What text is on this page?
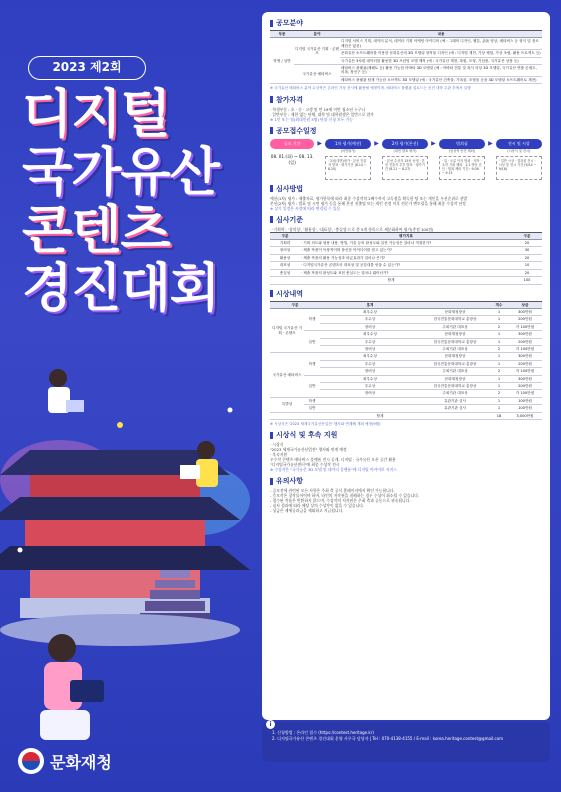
2023 제2회
디지털
국가유산
콘텐츠
경진대회
문화재청
공모분야
부문	분야	내용
학생 / 일반	디지털 국가유산 기획 · 콘텐츠	디지털 서비스 기획, 데이터 분석, 데이터 기획 아케팅 아이디어 (예 : 그래픽 디자인, 웹툰, 숏폼 영상, 메타버스 등 형식 및 장르 제한은 없음)
		문화유산 소프트웨어를 이용한 문화유산의 3D 모델링 창작물 디자인 (예 : 디지털 재현, 가상 체험, 가상 조립, 활용 프로젝트 등)
		국가유산 3차원 데이터를 활용한 3D 프린팅 모델 제작 (예 : 국가유산 재현, 복원, 모형, 기념품, 국가유산 상품 등)
	국가유산 메타버스	메타버스 플랫폼(제페토 등) 활용 가능한 아바타 3D 모델링 (예 : 아바타 전통 및 복식 의상 3D 모델링, 국가유산 연출 콘셉트, 의복, 장신구 등)
		메타버스 플랫폼 탑재 가능한 오브젝트 3D 모델링 (예 : 국가유산 건축물, 가옥물, 조형물 등을 3D 모델링 소프트웨어로 재현)
※ 국가유산 메타버스 분야 수상작은 온라인 가상 전시에 활용될 예정이며, 메타버스 플랫폼 업로드는 신진 대학 주관 후에서 실행
참가자격
· 학생부문 : 초 · 중 · 고생 및 만 19세 미만 청소년 누구나
· 일반부문 : 제한 없는 단체, 대학 및 대학원생은 일반으로 참가
※ 1인 또는 팀(최대인원 3명) 단위 신청 모두 가능
공모접수일정
공모 기간
08. 01.(화) ~ 08. 13.(일)
▶	1차 평가(예선)
(서면평가)
· 2차(대면)평가 · 본선 진출자 발표 · 평가기간 (8.14 ~ 8.20)
▶	2차 평가(본선)
(대면 발표 평가)
· 본선 수상자 15차 선정 · 본선 진출자 추후 발표 · 평가기간 (8.21 ~ 8.27)
▶	범죄심
(임상적 안전 제외)
· 입 · 오류 이의 범죄 · 저작 · 초작 기획 제외 · 1:1 방문 승인 · 범죄 제외 기간 : 9.08 ~ 9.15
▶	전시 및 시상
(시상식 및 전시)
· 일반 시상 · 결과물 전시 · 시상 및 전시 기간 (9/14 ~ 9/18)
심사방법
예선(1차) 평가 : 제출자료, 평가항목에 따라 최종 수상작의 2배수까지 고득점을 획득한 팀 또는 개인을 우선순위로 선발
본선(2차) 평가 : 발표 및 시연 평가 등을 통해 본선 진출팀 또는 개인 선정 이후 전문가 멘토링을 통해 최종 수상작 선정
※ 상기 일정은 사정에 따라 변경될 수 있음
심사기준
· '기획력', '창의성', '활용성', '대표성', '충실성'으로 총 5개 항목으로 세분화하여 평가(총점 100점)
구분	평가지표	구분
기획력	· 기획 의도와 형용 내용, 방법, 기술 등의 완성도와 실현 가능성은 얼마나 적절한가?	20
창의성	· 제출 작품이 독창적이며 참신한 아이디어를 담고 있는가?	30
활용성	· 제출 작품의 활용 가능성과 파급효과가 얼마나 큰가?	20
대표성	· 디지털국가유산 콘텐츠의 대표성 및 공감대를 얻을 수 있는가?	10
충실성	· 제출 작품의 완성도와 표현 충실도는 얼마나 뛰어난가?	20
합계		100
시상내역
구분		훈격		개수	상금
디지털 국가유산 기획 · 콘텐츠	학생	최우수상	문화재청장상	1	300만원
		우수상	한국전통문화대학교 총장상	1	200만원
		장려상	주최기관 대표상	2	각 100만원
	일반	최우수상	문화재청장상	1	300만원
		우수상	한국전통문화대학교 총장상	1	200만원
		장려상	주최기관 대표상	2	각 100만원
국가유산 메타버스	학생	최우수상	문화재청장상	1	300만원
		우수상	한국전통문화대학교 총장상	1	200만원
		장려상	주최기관 대표상	2	각 100만원
	일반	최우수상	문화재청장상	1	300만원
		우수상	한국전통문화대학교 총장상	1	200만원
		장려상	주최기관 대표상	2	각 100만원
특별상	학생		유관기관 심사	1	100만원
	일반		유관기관 심사	1	100만원
합계				18	3,000만원
※ 시상식은 '2023 세계국가유산산업전' 행사와 연계해 개최 예정(9월)
시상식 및 후속 지원
· 시상식
"2023 세계국가유산산업전" 행사와 연계 예정
· 후속지원
우수작 콘텐츠 메타버스 플랫폼 전시 공개, 디지털 · 국가유산 오픈 공간 활용
"디지털국가유산센터"에 최종 수상작 전시
※ 수상작은 "국가유산 3D 모델 및 데이터 플랫폼"에 디지털 아카이브 서비스
유의사항
- 공모전에 관련된 모든 사항은 주최 측 공식 홈페이지에서 확인 가능합니다.
- 응모작은 창작물이어야 하며, 타인의 저작권을 침해하는 경우 수상이 취소될 수 있습니다.
- 접수된 작품은 반환하지 않으며, 수상작의 저작권은 주최 측과 공동으로 귀속됩니다.
- 심사 결과에 따라 해당 상의 수상작이 없을 수 있습니다.
- 상금은 제세공과금을 제외하고 지급됩니다.
i
1. 신청방법 : 온라인 접수 (https://contest.heritage.kr)
2. 디지털국가유산 콘텐츠 경진대회 운영 사무국 담당자 | Tel : 070-4138-4155 / E-mail : korea.heritage.contest@gmail.com
